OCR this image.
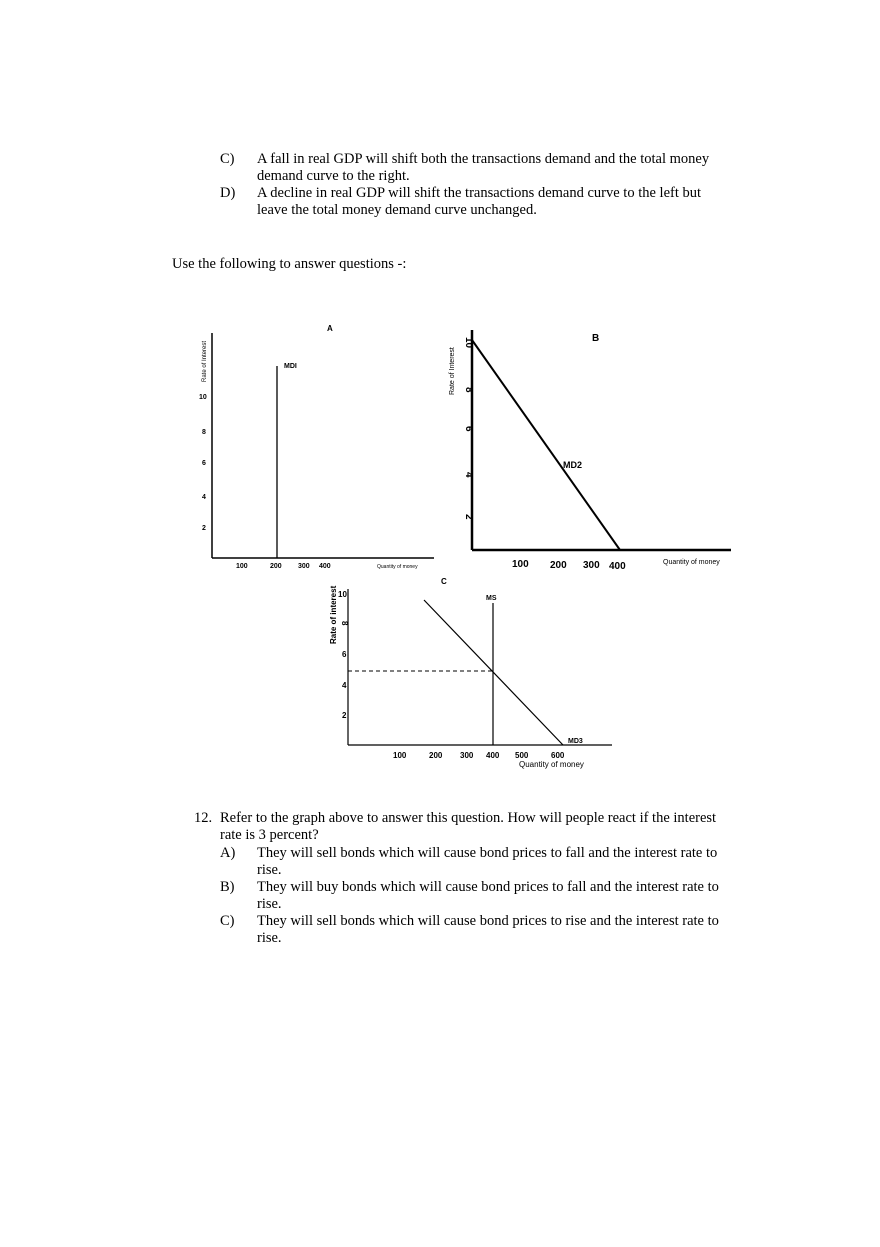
C) A fall in real GDP will shift both the transactions demand and the total money
demand curve to the right.
D) A decline in real GDP will shift the transactions demand curve to the left but
leave the total money demand curve unchanged.
Use the following to answer questions -:
A
Rate of Interest
2
4
6
8
10
100	200 300 400	Quantity of money
MDI
B
Rate of Interest
2
4
6
8
10
100 200 300 400	Quantity of money
MD2
C
Rate of interest
2
4
6
8
10
100	200 300 400 500	600
Quantity of money
MS
MD3
12. Refer to the graph above to answer this question. How will people react if the interest
rate is 3 percent?
A) They will sell bonds which will cause bond prices to fall and the interest rate to
rise.
B) They will buy bonds which will cause bond prices to fall and the interest rate to
rise.
C) They will sell bonds which will cause bond prices to rise and the interest rate to
rise.
